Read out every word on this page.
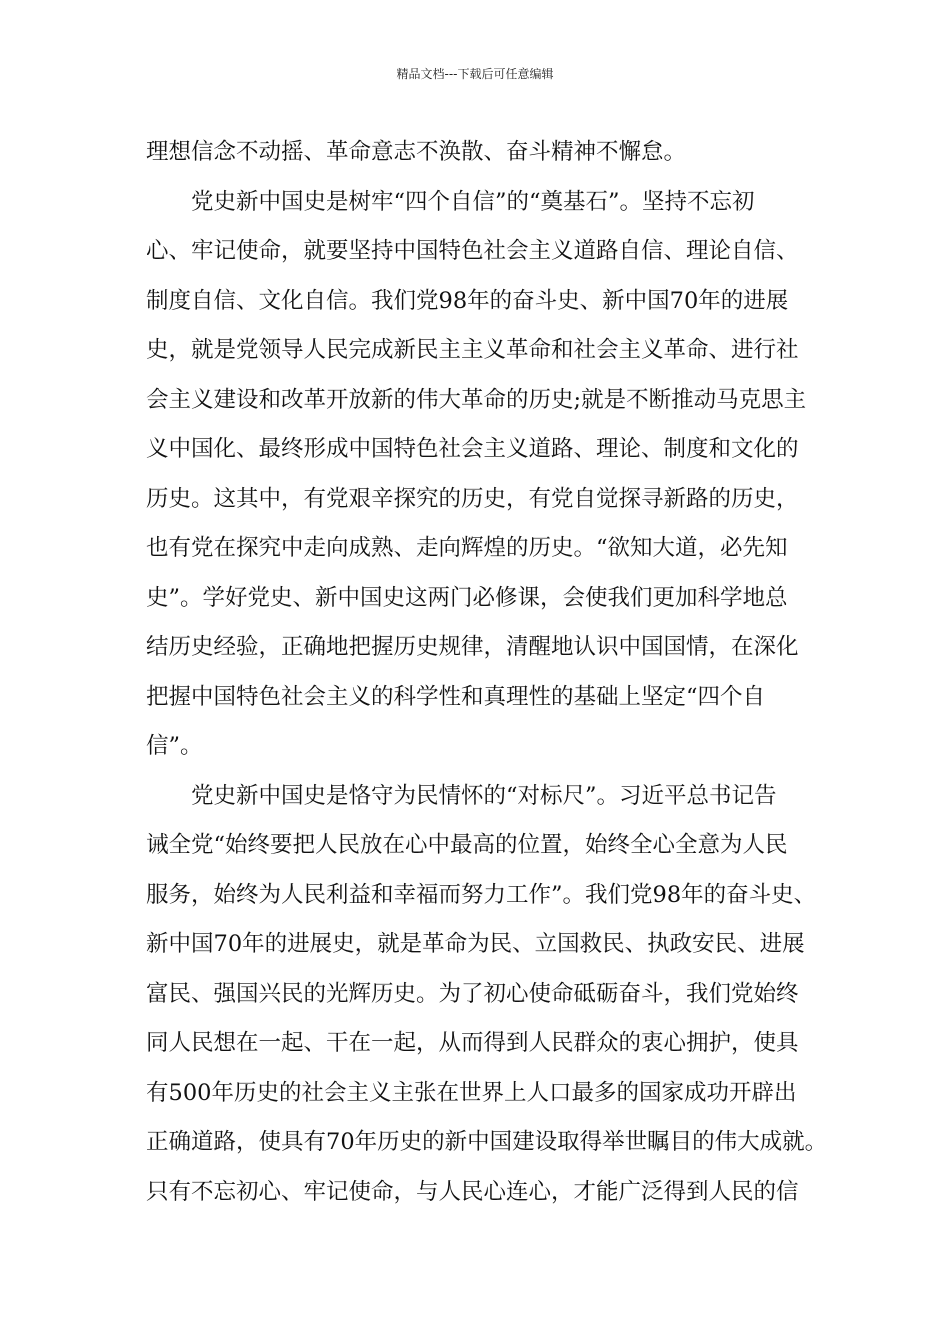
精品文档---下载后可任意编辑
理想信念不动摇、革命意志不涣散、奋斗精神不懈怠。
党史新中国史是树牢“四个自信”的“奠基石”。坚持不忘初
心、牢记使命，就要坚持中国特色社会主义道路自信、理论自信、
制度自信、文化自信。我们党98年的奋斗史、新中国70年的进展
史，就是党领导人民完成新民主主义革命和社会主义革命、进行社
会主义建设和改革开放新的伟大革命的历史;就是不断推动马克思主
义中国化、最终形成中国特色社会主义道路、理论、制度和文化的
历史。这其中，有党艰辛探究的历史，有党自觉探寻新路的历史，
也有党在探究中走向成熟、走向辉煌的历史。“欲知大道，必先知
史”。学好党史、新中国史这两门必修课，会使我们更加科学地总
结历史经验，正确地把握历史规律，清醒地认识中国国情，在深化
把握中国特色社会主义的科学性和真理性的基础上坚定“四个自
信”。
党史新中国史是恪守为民情怀的“对标尺”。习近平总书记告
诫全党“始终要把人民放在心中最高的位置，始终全心全意为人民
服务，始终为人民利益和幸福而努力工作”。我们党98年的奋斗史、
新中国70年的进展史，就是革命为民、立国救民、执政安民、进展
富民、强国兴民的光辉历史。为了初心使命砥砺奋斗，我们党始终
同人民想在一起、干在一起，从而得到人民群众的衷心拥护，使具
有500年历史的社会主义主张在世界上人口最多的国家成功开辟出
正确道路，使具有70年历史的新中国建设取得举世瞩目的伟大成就。
只有不忘初心、牢记使命，与人民心连心，才能广泛得到人民的信
